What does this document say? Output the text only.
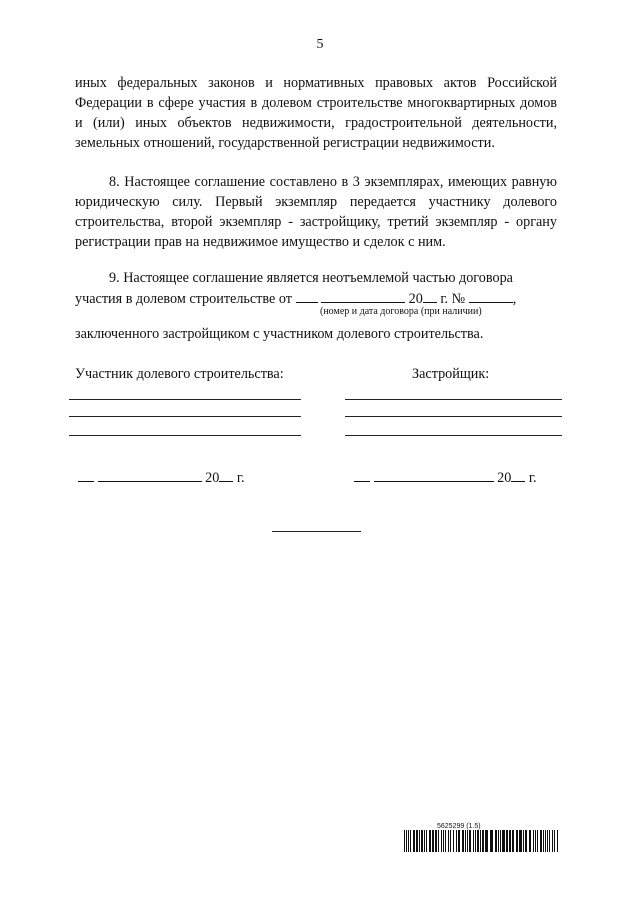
5
иных федеральных законов и нормативных правовых актов Российской Федерации в сфере участия в долевом строительстве многоквартирных домов и (или) иных объектов недвижимости, градостроительной деятельности, земельных отношений, государственной регистрации недвижимости.
8. Настоящее соглашение составлено в 3 экземплярах, имеющих равную юридическую силу. Первый экземпляр передается участнику долевого строительства, второй экземпляр - застройщику, третий экземпляр - органу регистрации прав на недвижимое имущество и сделок с ним.
9. Настоящее соглашение является неотъемлемой частью договора
участия в долевом строительстве от	20 г. №	,
(номер и дата договора (при наличии)
заключенного застройщиком с участником долевого строительства.
Участник долевого строительства:	Застройщик:
20 г.	20 г.
5625299 (1.5)
